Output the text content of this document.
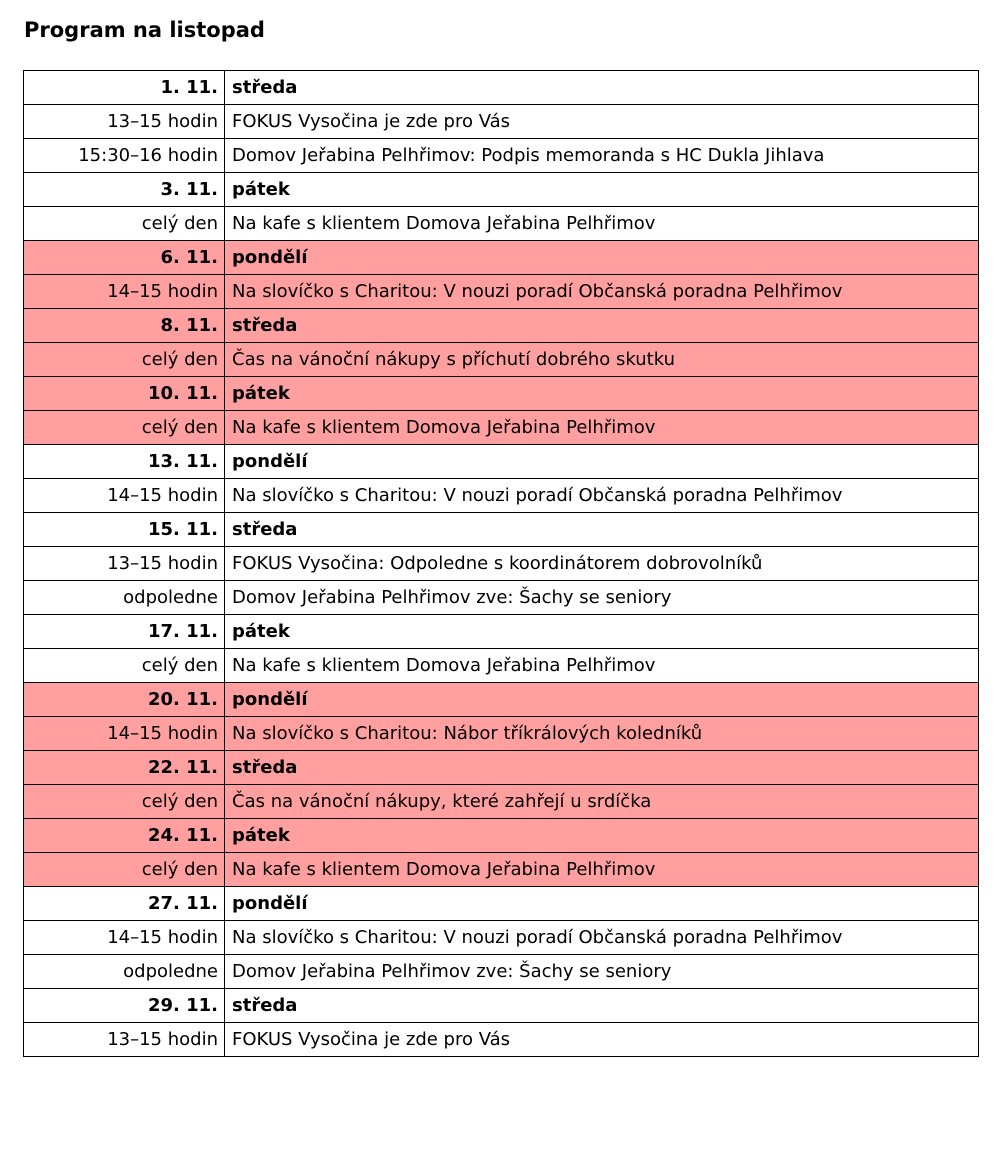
Program na listopad
1. 11.	středa
13–15 hodin	FOKUS Vysočina je zde pro Vás
15:30–16 hodin	Domov Jeřabina Pelhřimov: Podpis memoranda s HC Dukla Jihlava
3. 11.	pátek
celý den	Na kafe s klientem Domova Jeřabina Pelhřimov
6. 11.	pondělí
14–15 hodin	Na slovíčko s Charitou: V nouzi poradí Občanská poradna Pelhřimov
8. 11.	středa
celý den	Čas na vánoční nákupy s příchutí dobrého skutku
10. 11.	pátek
celý den	Na kafe s klientem Domova Jeřabina Pelhřimov
13. 11.	pondělí
14–15 hodin	Na slovíčko s Charitou: V nouzi poradí Občanská poradna Pelhřimov
15. 11.	středa
13–15 hodin	FOKUS Vysočina: Odpoledne s koordinátorem dobrovolníků
odpoledne	Domov Jeřabina Pelhřimov zve: Šachy se seniory
17. 11.	pátek
celý den	Na kafe s klientem Domova Jeřabina Pelhřimov
20. 11.	pondělí
14–15 hodin	Na slovíčko s Charitou: Nábor tříkrálových koledníků
22. 11.	středa
celý den	Čas na vánoční nákupy, které zahřejí u srdíčka
24. 11.	pátek
celý den	Na kafe s klientem Domova Jeřabina Pelhřimov
27. 11.	pondělí
14–15 hodin	Na slovíčko s Charitou: V nouzi poradí Občanská poradna Pelhřimov
odpoledne	Domov Jeřabina Pelhřimov zve: Šachy se seniory
29. 11.	středa
13–15 hodin	FOKUS Vysočina je zde pro Vás
